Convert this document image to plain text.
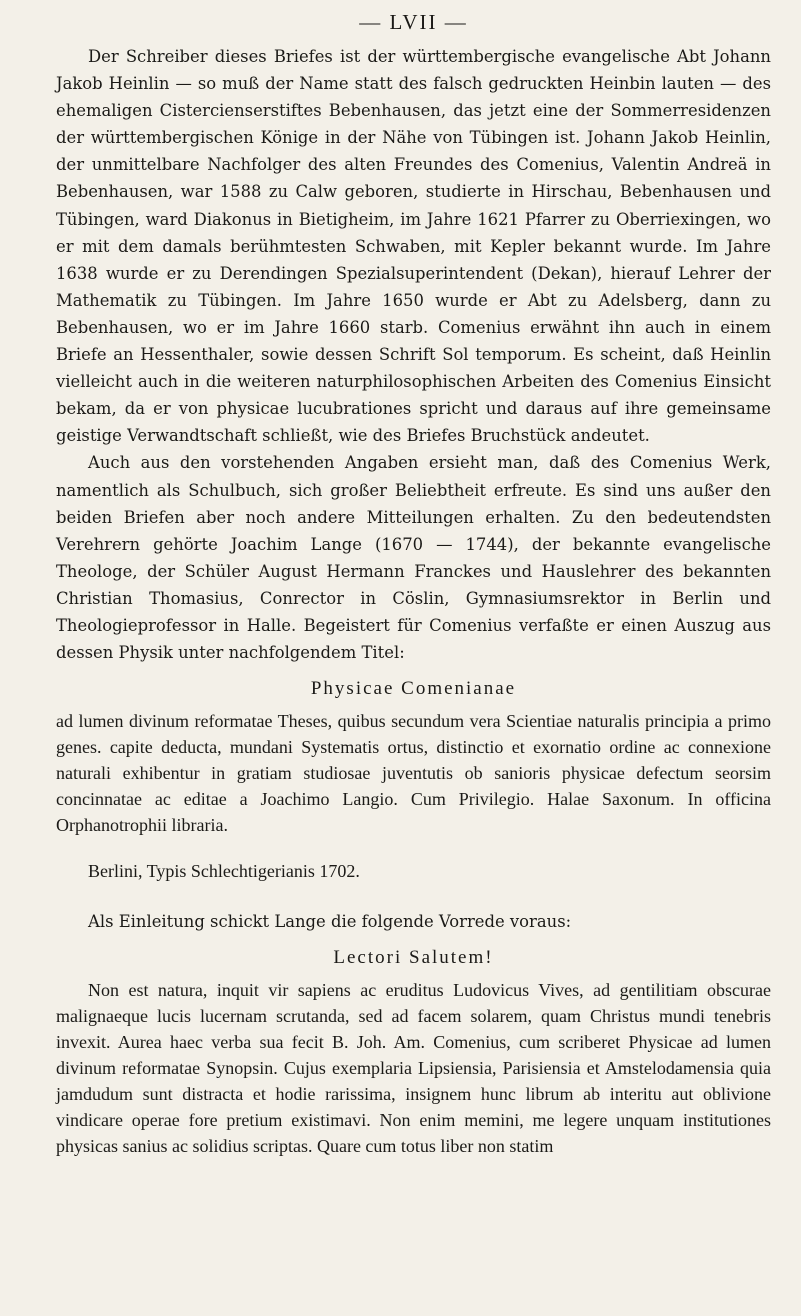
— LVII —

Der Schreiber dieses Briefes ist der württembergische evangelische Abt Johann Jakob Heinlin — so muß der Name statt des falsch gedruckten Heinbin lauten — des ehemaligen Cistercienserstiftes Bebenhausen, das jetzt eine der Sommerresidenzen der württembergischen Könige in der Nähe von Tübingen ist. Johann Jakob Heinlin, der unmittelbare Nachfolger des alten Freundes des Comenius, Valentin Andreä in Bebenhausen, war 1588 zu Calw geboren, studierte in Hirschau, Bebenhausen und Tübingen, ward Diakonus in Bietigheim, im Jahre 1621 Pfarrer zu Oberriexingen, wo er mit dem damals berühmtesten Schwaben, mit Kepler bekannt wurde. Im Jahre 1638 wurde er zu Derendingen Spezialsuperintendent (Dekan), hierauf Lehrer der Mathematik zu Tübingen. Im Jahre 1650 wurde er Abt zu Adelsberg, dann zu Bebenhausen, wo er im Jahre 1660 starb. Comenius erwähnt ihn auch in einem Briefe an Hessenthaler, sowie dessen Schrift Sol temporum. Es scheint, daß Heinlin vielleicht auch in die weiteren naturphilosophischen Arbeiten des Comenius Einsicht bekam, da er von physicae lucubrationes spricht und daraus auf ihre gemeinsame geistige Verwandtschaft schließt, wie des Briefes Bruchstück andeutet.

Auch aus den vorstehenden Angaben ersieht man, daß des Comenius Werk, namentlich als Schulbuch, sich großer Beliebtheit erfreute. Es sind uns außer den beiden Briefen aber noch andere Mitteilungen erhalten. Zu den bedeutendsten Verehrern gehörte Joachim Lange (1670 — 1744), der bekannte evangelische Theologe, der Schüler August Hermann Franckes und Hauslehrer des bekannten Christian Thomasius, Conrector in Cöslin, Gymnasiumsrektor in Berlin und Theologieprofessor in Halle. Begeistert für Comenius verfaßte er einen Auszug aus dessen Physik unter nachfolgendem Titel:

Physicae Comenianae

ad lumen divinum reformatae Theses, quibus secundum vera Scientiae naturalis principia a primo genes. capite deducta, mundani Systematis ortus, distinctio et exornatio ordine ac connexione naturali exhibentur in gratiam studiosae juventutis ob sanioris physicae defectum seorsim concinnatae ac editae a Joachimo Langio. Cum Privilegio. Halae Saxonum. In officina Orphanotrophii libraria.

Berlini, Typis Schlechtigerianis 1702.

Als Einleitung schickt Lange die folgende Vorrede voraus:

Lectori Salutem!

Non est natura, inquit vir sapiens ac eruditus Ludovicus Vives, ad gentilitiam obscurae malignaeque lucis lucernam scrutanda, sed ad facem solarem, quam Christus mundi tenebris invexit. Aurea haec verba sua fecit B. Joh. Am. Comenius, cum scriberet Physicae ad lumen divinum reformatae Synopsin. Cujus exemplaria Lipsiensia, Parisiensia et Amstelodamensia quia jamdudum sunt distracta et hodie rarissima, insignem hunc librum ab interitu aut oblivione vindicare operae fore pretium existimavi. Non enim memini, me legere unquam institutiones physicas sanius ac solidius scriptas. Quare cum totus liber non statim
